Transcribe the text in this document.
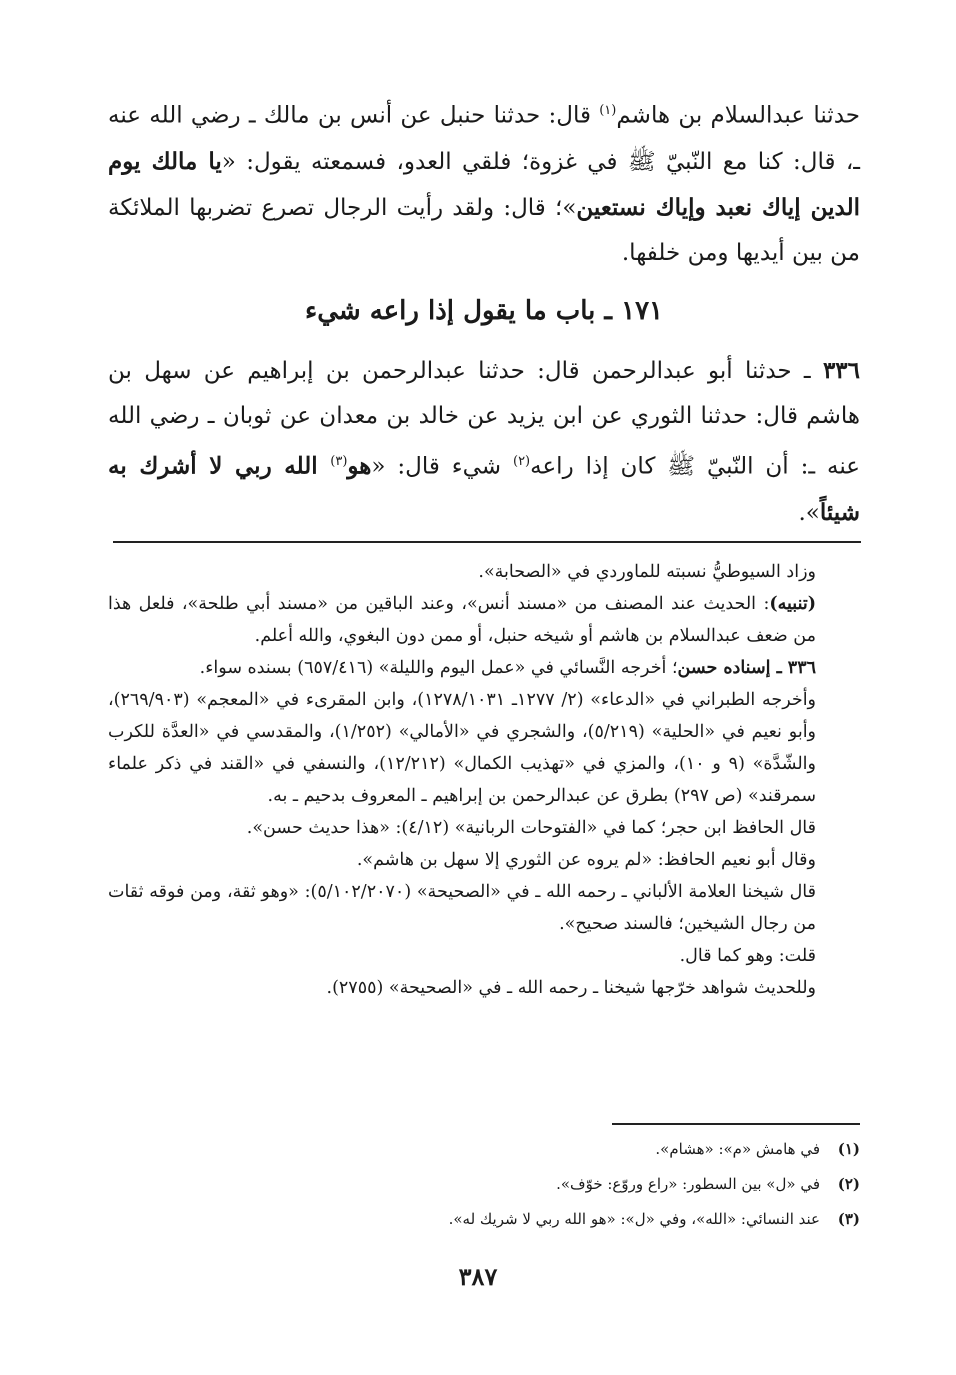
حدثنا عبدالسلام بن هاشم$^{(١)}$ قال: حدثنا حنبل عن أنس بن مالك ـ رضي الله عنه ـ، قال: كنا مع النّبيّ ﷺ في غزوة؛ فلقي العدو، فسمعته يقول: «يا مالك يوم الدين إياك نعبد وإياك نستعين»؛ قال: ولقد رأيت الرجال تصرع تضربها الملائكة من بين أيديها ومن خلفها.

١٧١ ـ باب ما يقول إذا راعه شيء

٣٣٦ ـ حدثنا أبو عبدالرحمن قال: حدثنا عبدالرحمن بن إبراهيم عن سهل بن هاشم قال: حدثنا الثوري عن ابن يزيد عن خالد بن معدان عن ثوبان ـ رضي الله عنه ـ: أن النّبيّ ﷺ كان إذا راعه$^{(٢)}$ شيء قال: «هو$^{(٣)}$ الله ربي لا أشرك به شيئاً».

وزاد السيوطيُّ نسبته للماوردي في «الصحابة».

(تنبيه): الحديث عند المصنف من «مسند أنس»، وعند الباقين من «مسند أبي طلحة»، فلعل هذا من ضعف عبدالسلام بن هاشم أو شيخه حنبل، أو ممن دون البغوي، والله أعلم.

٣٣٦ ـ إسناده حسن؛ أخرجه النَّسائي في «عمل اليوم والليلة» (٦٥٧/٤١٦) بسنده سواء.

وأخرجه الطبراني في «الدعاء» (٢/ ١٢٧٧ـ ١٢٧٨/١٠٣١)، وابن المقرىء في «المعجم» (٢٦٩/٩٠٣)، وأبو نعيم في «الحلية» (٥/٢١٩)، والشجري في «الأمالي» (١/٢٥٢)، والمقدسي في «العدَّة للكرب والشّدَّة» (٩ و ١٠)، والمزي في «تهذيب الكمال» (١٢/٢١٢)، والنسفي في «القند في ذكر علماء سمرقند» (ص ٢٩٧) بطرق عن عبدالرحمن بن إبراهيم ـ المعروف بدحيم ـ به.

قال الحافظ ابن حجر؛ كما في «الفتوحات الربانية» (٤/١٢): «هذا حديث حسن».

وقال أبو نعيم الحافظ: «لم يروه عن الثوري إلا سهل بن هاشم».

قال شيخنا العلامة الألباني ـ رحمه الله ـ في «الصحيحة» (٥/١٠٢/٢٠٧٠): «وهو ثقة، ومن فوقه ثقات من رجال الشيخين؛ فالسند صحيح».

قلت: وهو كما قال.

وللحديث شواهد خرّجها شيخنا ـ رحمه الله ـ في «الصحيحة» (٢٧٥٥).

(١)في هامش «م»: «هشام».

(٢)في «ل» بين السطور: «راع وروّع: خوّف».

(٣)عند النسائي: «الله»، وفي «ل»: «هو الله ربي لا شريك له».

٣٨٧
